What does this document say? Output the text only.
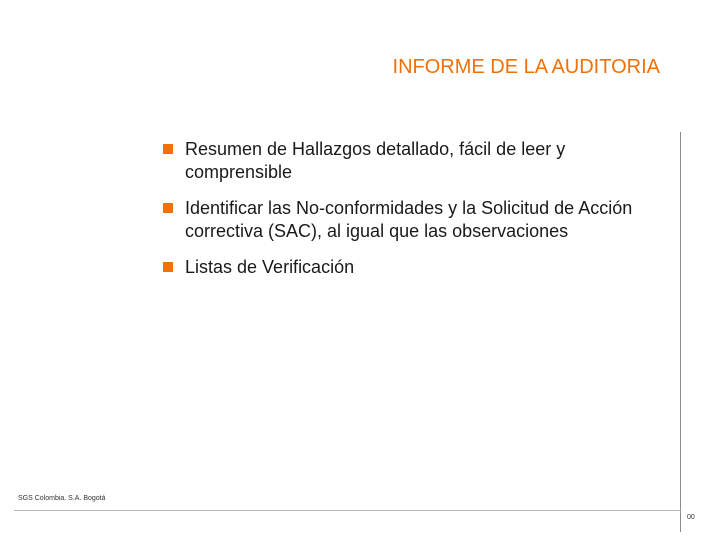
INFORME DE LA AUDITORIA
Resumen de Hallazgos detallado, fácil de leer y comprensible
Identificar las No-conformidades y la Solicitud de Acción correctiva (SAC), al igual que las observaciones
Listas de Verificación
SGS Colombia. S.A. Bogotá
00
